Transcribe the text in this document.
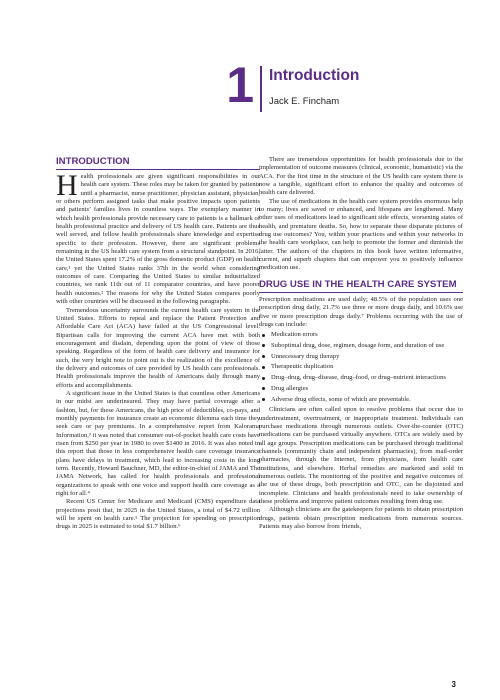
1 Introduction
Jack E. Fincham
INTRODUCTION

Health professionals are given significant responsibilities in our health care system. These roles may be taken for granted by patients until a pharmacist, nurse practitioner, physician assistant, physician, or others perform assigned tasks that make positive impacts upon patients and patients’ families lives in countless ways. The exemplary manner in which health professionals provide necessary care to patients is a hallmark of health professional practice and delivery of US health care. Patients are thus well served, and fellow health professionals share knowledge and expertise specific to their profession. However, there are significant problems remaining in the US health care system from a structural standpoint. In 2016, the United States spent 17.2% of the gross domestic product (GDP) on health care,¹ yet the United States ranks 37th in the world when considering outcomes of care. Comparing the United States to similar industrialized countries, we rank 11th out of 11 comparator countries, and have poorer health outcomes.² The reasons for why the United States compares poorly with other countries will be discussed in the following paragraphs.

Tremendous uncertainty surrounds the current health care system in the United States. Efforts to repeal and replace the Patient Protection and Affordable Care Act (ACA) have failed at the US Congressional level. Bipartisan calls for improving the current ACA have met with both encouragement and disdain, depending upon the point of view of those speaking. Regardless of the form of health care delivery and insurance for such, the very bright note to point out is the realization of the excellence of the delivery and outcomes of care provided by US health care professionals. Health professionals improve the health of Americans daily through many efforts and accomplishments.

A significant issue in the United States is that countless other Americans in our midst are underinsured. They may have partial coverage after a fashion, but, for these Americans, the high price of deductibles, co-pays, and monthly payments for insurance create an economic dilemma each time they seek care or pay premiums. In a comprehensive report from Kalorama Information,³ it was noted that consumer out-of-pocket health care costs have risen from $250 per year in 1980 to over $1400 in 2016. It was also noted in this report that those in less comprehensive health care coverage insurance plans have delays in treatment, which lead to increasing costs in the long term. Recently, Howard Bauchner, MD, the editor-in-chief of JAMA and The JAMA Network, has called for health professionals and professional organizations to speak with one voice and support health care coverage as a right for all.⁴

Recent US Center for Medicare and Medicaid (CMS) expenditure data projections posit that, in 2025 in the United States, a total of $4.72 trillion will be spent on health care.⁵ The projection for spending on prescription drugs in 2025 is estimated to total $1.7 billion.⁶

There are tremendous opportunities for health professionals due to the implementation of outcome measures (clinical, economic, humanistic) via the ACA. For the first time in the structure of the US health care system there is now a tangible, significant effort to enhance the quality and outcomes of health care delivered.

The use of medications in the health care system provides enormous help to many; lives are saved or enhanced, and lifespans are lengthened. Many other uses of medications lead to significant side effects, worsening states of health, and premature deaths. So, how to separate these disparate pictures of drug use outcomes? You, within your practices and within your networks in the health care workplace, can help to promote the former and diminish the latter. The authors of the chapters in this book have written informative, current, and superb chapters that can empower you to positively influence medication use.

DRUG USE IN THE HEALTH CARE SYSTEM

Prescription medications are used daily; 48.5% of the population uses one prescription drug daily, 21.7% use three or more drugs daily, and 10.6% use five or more prescription drugs daily.⁷ Problems occurring with the use of drugs can include:

Medication errors
Suboptimal drug, dose, regimen, dosage form, and duration of use
Unnecessary drug therapy
Therapeutic duplication
Drug–drug, drug–disease, drug–food, or drug–nutrient interactions
Drug allergies
Adverse drug effects, some of which are preventable.

Clinicians are often called upon to resolve problems that occur due to undertreatment, overtreatment, or inappropriate treatment. Individuals can purchase medications through numerous outlets. Over-the-counter (OTC) medications can be purchased virtually anywhere. OTCs are widely used by all age groups. Prescription medications can be purchased through traditional channels (community chain and independent pharmacies), from mail-order pharmacies, through the Internet, from physicians, from health care institutions, and elsewhere. Herbal remedies are marketed and sold in numerous outlets. The monitoring of the positive and negative outcomes of the use of these drugs, both prescription and OTC, can be disjointed and incomplete. Clinicians and health professionals need to take ownership of these problems and improve patient outcomes resulting from drug use.

Although clinicians are the gatekeepers for patients to obtain prescription drugs, patients obtain prescription medications from numerous sources. Patients may also borrow from friends,

3
